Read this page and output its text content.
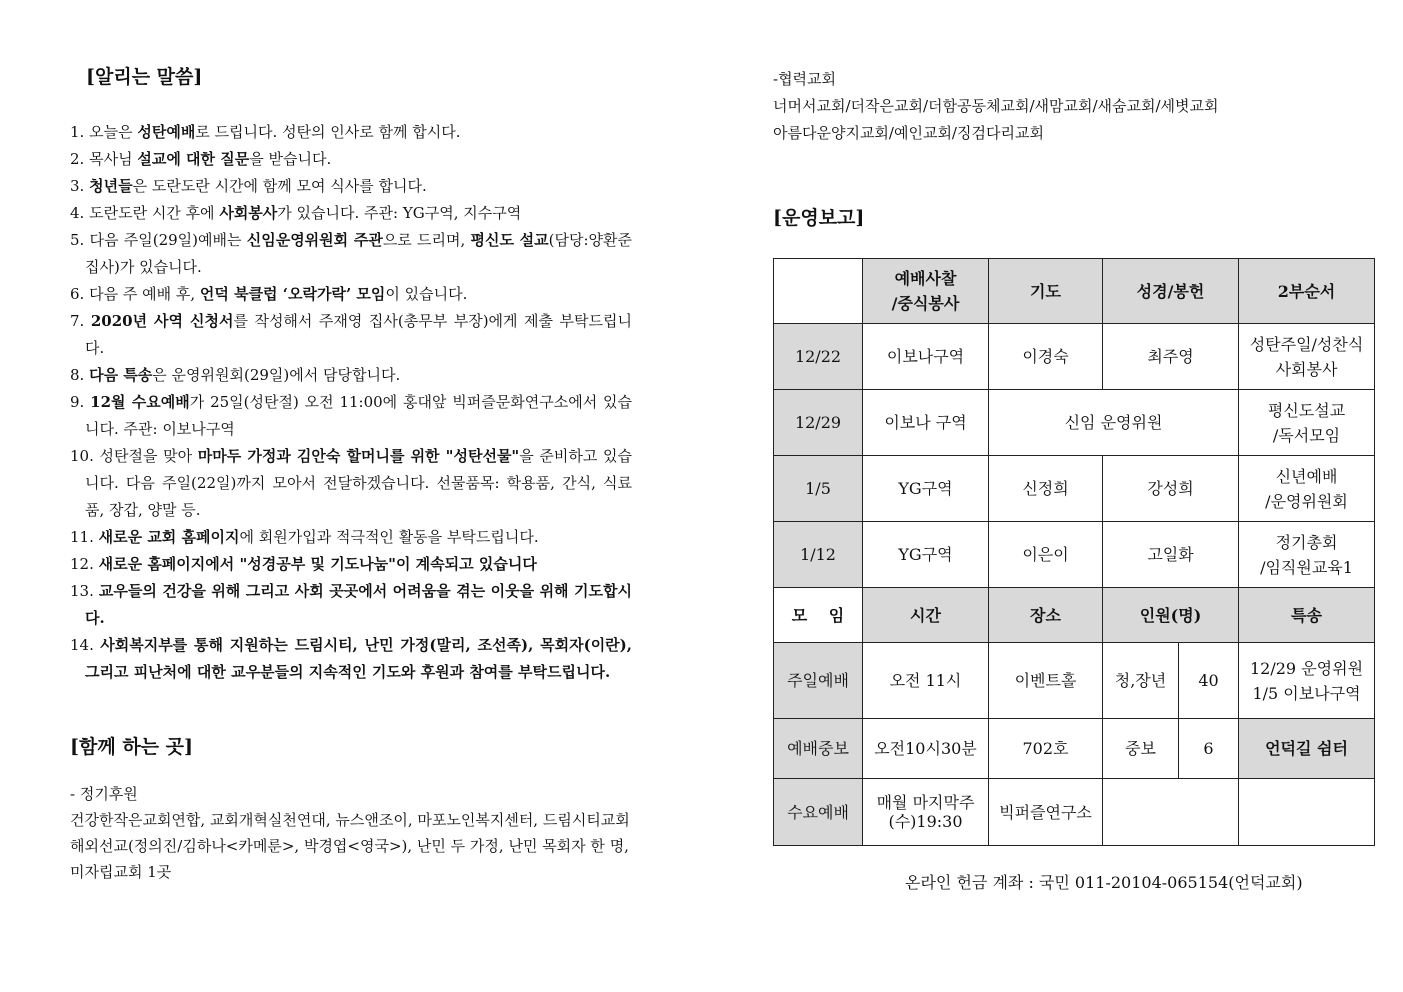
[알리는 말씀]
1. 오늘은 성탄예배로 드립니다. 성탄의 인사로 함께 합시다.
2. 목사님 설교에 대한 질문을 받습니다.
3. 청년들은 도란도란 시간에 함께 모여 식사를 합니다.
4. 도란도란 시간 후에 사회봉사가 있습니다. 주관: YG구역, 지수구역
5. 다음 주일(29일)예배는 신임운영위원회 주관으로 드리며, 평신도 설교(담당:양환준 집사)가 있습니다.
6. 다음 주 예배 후, 언덕 북클럽 ‘오락가락’ 모임이 있습니다.
7. 2020년 사역 신청서를 작성해서 주재영 집사(총무부 부장)에게 제출 부탁드립니다.
8. 다음 특송은 운영위원회(29일)에서 담당합니다.
9. 12월 수요예배가 25일(성탄절) 오전 11:00에 홍대앞 빅퍼즐문화연구소에서 있습니다. 주관: 이보나구역
10. 성탄절을 맞아 마마두 가정과 김안숙 할머니를 위한 "성탄선물"을 준비하고 있습니다. 다음 주일(22일)까지 모아서 전달하겠습니다. 선물품목: 학용품, 간식, 식료품, 장갑, 양말 등.
11. 새로운 교회 홈페이지에 회원가입과 적극적인 활동을 부탁드립니다.
12. 새로운 홈페이지에서 "성경공부 및 기도나눔"이 계속되고 있습니다
13. 교우들의 건강을 위해 그리고 사회 곳곳에서 어려움을 겪는 이웃을 위해 기도합시다.
14. 사회복지부를 통해 지원하는 드림시티, 난민 가정(말리, 조선족), 목회자(이란), 그리고 피난처에 대한 교우분들의 지속적인 기도와 후원과 참여를 부탁드립니다.
[함께 하는 곳]
- 정기후원
건강한작은교회연합, 교회개혁실천연대, 뉴스앤조이, 마포노인복지센터, 드림시티교회
해외선교(정의진/김하나<카메룬>, 박경엽<영국>), 난민 두 가정, 난민 목회자 한 명,
미자립교회 1곳
-협력교회
너머서교회/더작은교회/더함공동체교회/새맘교회/새숨교회/세볏교회
아름다운양지교회/예인교회/징검다리교회
[운영보고]
	예배사찰
/중식봉사	기도	성경/봉헌		2부순서
12/22	이보나구역	이경숙	최주영		성탄주일/성찬식
사회봉사
12/29	이보나 구역	신임 운영위원			평신도설교
/독서모임
1/5	YG구역	신정희	강성희		신년예배
/운영위원회
1/12	YG구역	이은이	고일화		정기총회
/임직원교육1
모　 임	시간	장소	인원(명)		특송
주일예배	오전 11시	이벤트홀	청,장년	40	12/29 운영위원
1/5 이보나구역
예배중보	오전10시30분	702호	중보	6	언덕길 쉼터
수요예배	매월 마지막주
(수)19:30	빅퍼즐연구소			
온라인 헌금 계좌 : 국민 011-20104-065154(언덕교회)
